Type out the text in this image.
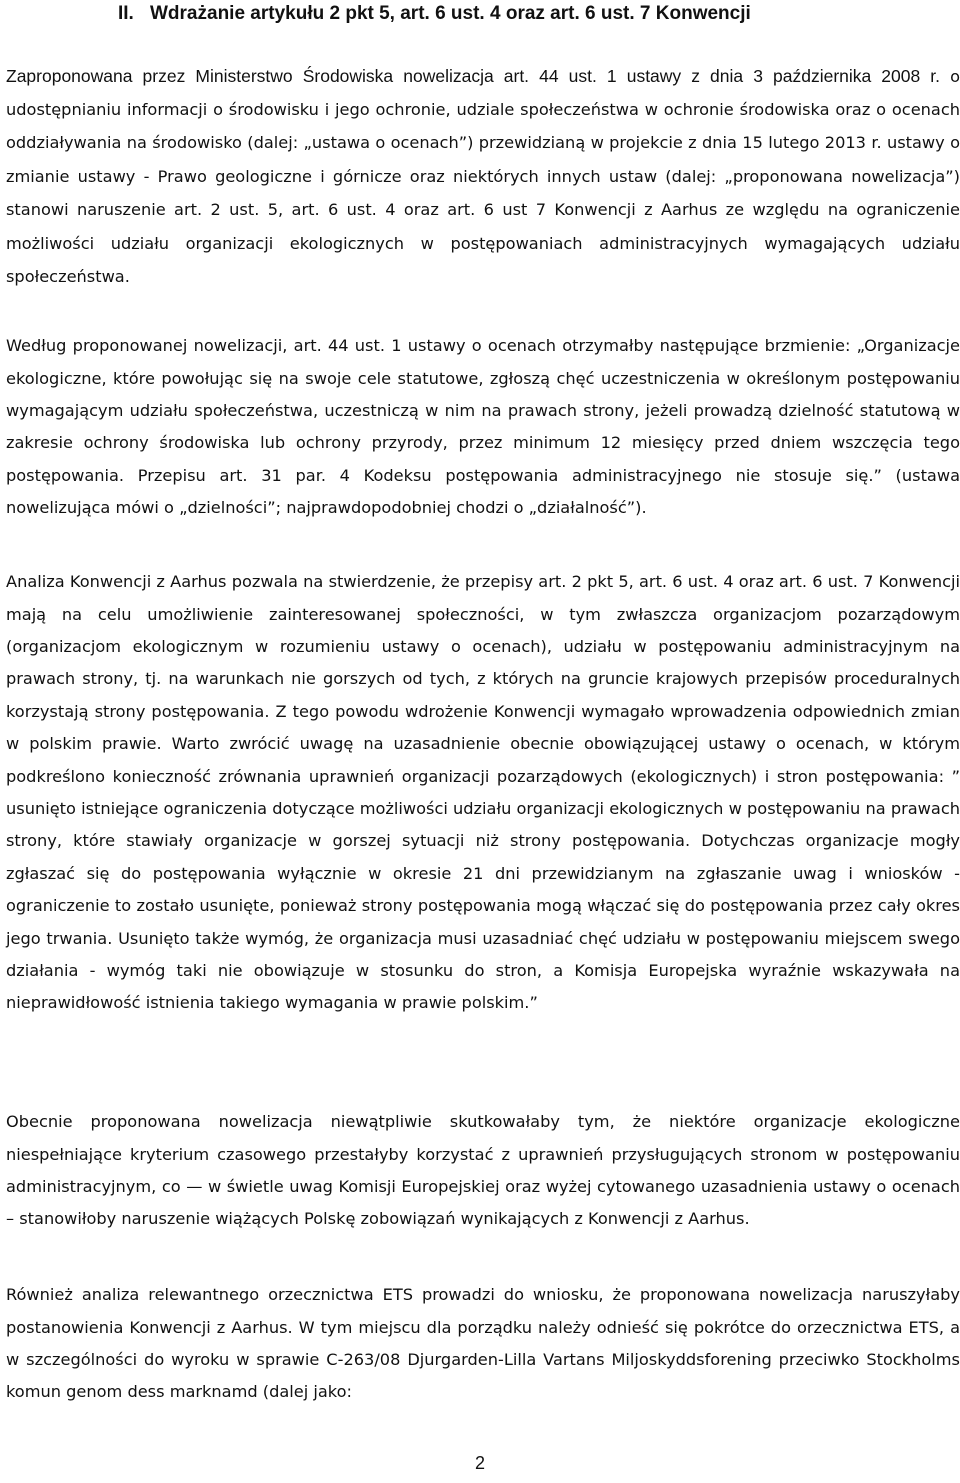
II. Wdrażanie artykułu 2 pkt 5, art. 6 ust. 4 oraz art. 6 ust. 7 Konwencji

Zaproponowana przez Ministerstwo Środowiska nowelizacja art. 44 ust. 1 ustawy z dnia 3 października 2008 r. o udostępnianiu informacji o środowisku i jego ochronie, udziale społeczeństwa w ochronie środowiska oraz o ocenach oddziaływania na środowisko (dalej: „ustawa o ocenach”) przewidzianą w projekcie z dnia 15 lutego 2013 r. ustawy o zmianie ustawy - Prawo geologiczne i górnicze oraz niektórych innych ustaw (dalej: „proponowana nowelizacja”) stanowi naruszenie art. 2 ust. 5, art. 6 ust. 4 oraz art. 6 ust 7 Konwencji z Aarhus ze względu na ograniczenie możliwości udziału organizacji ekologicznych w postępowaniach administracyjnych wymagających udziału społeczeństwa.

Według proponowanej nowelizacji, art. 44 ust. 1 ustawy o ocenach otrzymałby następujące brzmienie: „Organizacje ekologiczne, które powołując się na swoje cele statutowe, zgłoszą chęć uczestniczenia w określonym postępowaniu wymagającym udziału społeczeństwa, uczestniczą w nim na prawach strony, jeżeli prowadzą dzielność statutową w zakresie ochrony środowiska lub ochrony przyrody, przez minimum 12 miesięcy przed dniem wszczęcia tego postępowania. Przepisu art. 31 par. 4 Kodeksu postępowania administracyjnego nie stosuje się.” (ustawa nowelizująca mówi o „dzielności”; najprawdopodobniej chodzi o „działalność”).

Analiza Konwencji z Aarhus pozwala na stwierdzenie, że przepisy art. 2 pkt 5, art. 6 ust. 4 oraz art. 6 ust. 7 Konwencji mają na celu umożliwienie zainteresowanej społeczności, w tym zwłaszcza organizacjom pozarządowym (organizacjom ekologicznym w rozumieniu ustawy o ocenach), udziału w postępowaniu administracyjnym na prawach strony, tj. na warunkach nie gorszych od tych, z których na gruncie krajowych przepisów proceduralnych korzystają strony postępowania. Z tego powodu wdrożenie Konwencji wymagało wprowadzenia odpowiednich zmian w polskim prawie. Warto zwrócić uwagę na uzasadnienie obecnie obowiązującej ustawy o ocenach, w którym podkreślono konieczność zrównania uprawnień organizacji pozarządowych (ekologicznych) i stron postępowania: ” usunięto istniejące ograniczenia dotyczące możliwości udziału organizacji ekologicznych w postępowaniu na prawach strony, które stawiały organizacje w gorszej sytuacji niż strony postępowania. Dotychczas organizacje mogły zgłaszać się do postępowania wyłącznie w okresie 21 dni przewidzianym na zgłaszanie uwag i wniosków - ograniczenie to zostało usunięte, ponieważ strony postępowania mogą włączać się do postępowania przez cały okres jego trwania. Usunięto także wymóg, że organizacja musi uzasadniać chęć udziału w postępowaniu miejscem swego działania - wymóg taki nie obowiązuje w stosunku do stron, a Komisja Europejska wyraźnie wskazywała na nieprawidłowość istnienia takiego wymagania w prawie polskim.”

Obecnie proponowana nowelizacja niewątpliwie skutkowałaby tym, że niektóre organizacje ekologiczne niespełniające kryterium czasowego przestałyby korzystać z uprawnień przysługujących stronom w postępowaniu administracyjnym, co — w świetle uwag Komisji Europejskiej oraz wyżej cytowanego uzasadnienia ustawy o ocenach – stanowiłoby naruszenie wiążących Polskę zobowiązań wynikających z Konwencji z Aarhus.

Również analiza relewantnego orzecznictwa ETS prowadzi do wniosku, że proponowana nowelizacja naruszyłaby postanowienia Konwencji z Aarhus. W tym miejscu dla porządku należy odnieść się pokrótce do orzecznictwa ETS, a w szczególności do wyroku w sprawie C-263/08 Djurgarden-Lilla Vartans Miljoskyddsforening przeciwko Stockholms komun genom dess marknamd (dalej jako:

2
